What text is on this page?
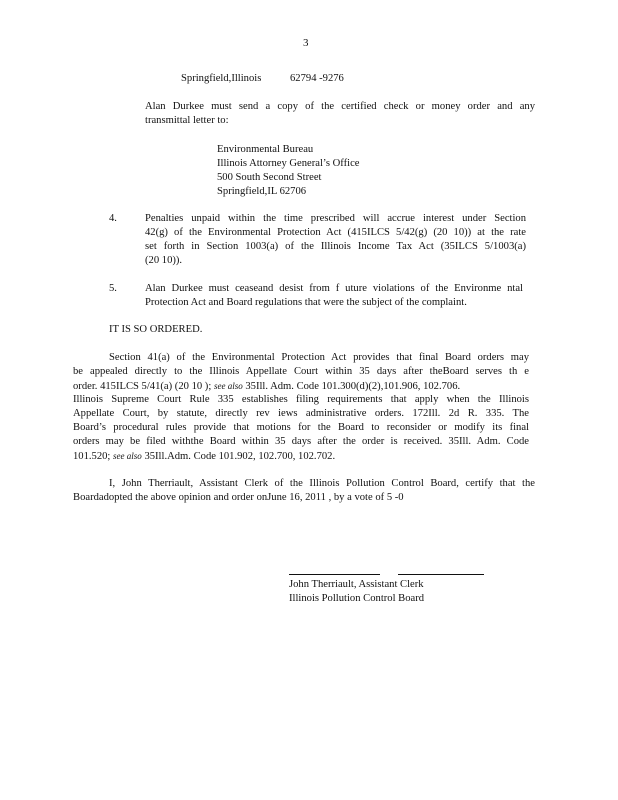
3
Springfield,Illinois	62794 -9276
Alan Durkee must send a copy of the certified check or money order and any
transmittal letter to:
Environmental Bureau
Illinois Attorney General’s Office
500 South Second Street
Springfield,IL 62706
4.	Penalties unpaid within the time prescribed will accrue interest under Section
42(g) of the Environmental Protection Act (415ILCS 5/42(g) (20 10)) at the rate
set forth in Section 1003(a) of the Illinois Income Tax Act (35ILCS 5/1003(a)
(20 10)).
5.	Alan Durkee must ceaseand desist from f uture violations of the Environme ntal
Protection Act and Board regulations that were the subject of the complaint.
IT IS SO ORDERED.
Section 41(a) of the Environmental Protection Act provides that final Board orders may
be appealed directly to the Illinois Appellate Court within 35 days after theBoard serves th e
order. 415ILCS 5/41(a) (20 10 ); see also 35Ill. Adm. Code 101.300(d)(2),101.906, 102.706.
Illinois Supreme Court Rule 335 establishes filing requirements that apply when the Illinois
Appellate Court, by statute, directly rev iews administrative orders. 172Ill. 2d R. 335. The
Board’s procedural rules provide that motions for the Board to reconsider or modify its final
orders may be filed withthe Board within 35 days after the order is received. 35Ill. Adm. Code
101.520; see also 35Ill.Adm. Code 101.902, 102.700, 102.702.
I, John Therriault, Assistant Clerk of the Illinois Pollution Control Board, certify that the
Boardadopted the above opinion and order onJune 16, 2011 , by a vote of 5 -0
John Therriault, Assistant Clerk
Illinois Pollution Control Board
